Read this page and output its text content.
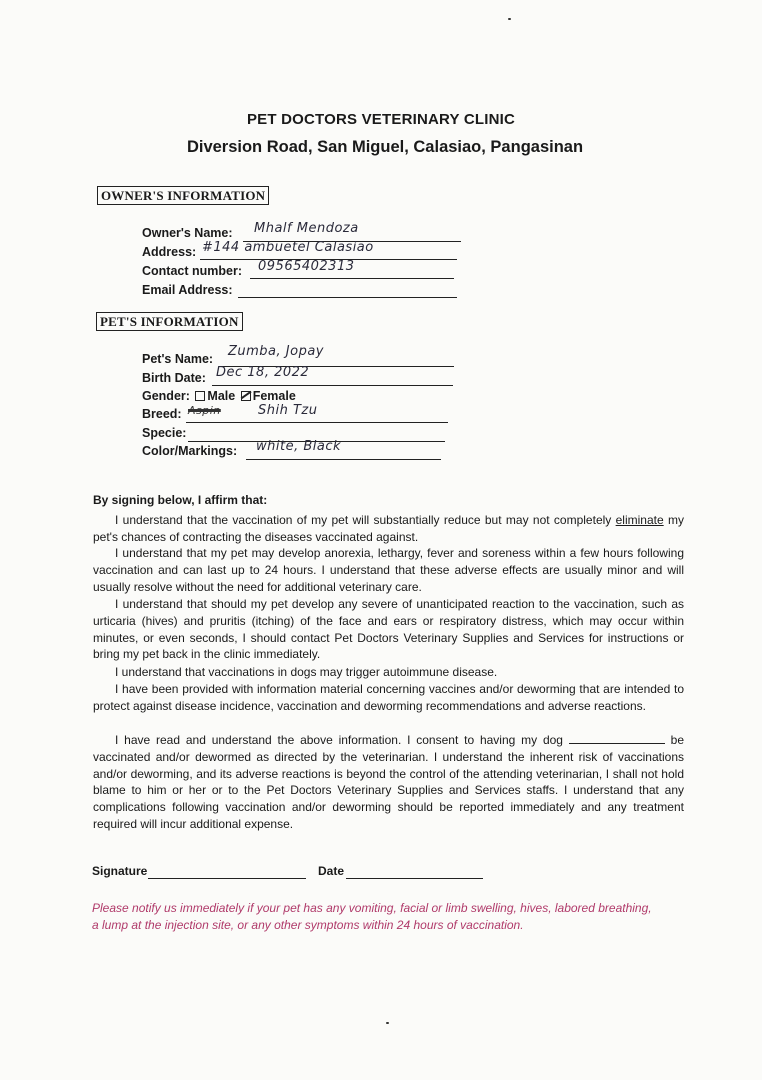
PET DOCTORS VETERINARY CLINIC
Diversion Road, San Miguel, Calasiao, Pangasinan
OWNER'S INFORMATION
Owner's Name: Mhalf Mendoza
Address: #144 ambuetel Calasiao
Contact number: 09565402313
Email Address:
PET'S INFORMATION
Pet's Name: Zumba, Jopay
Birth Date: Dec 18, 2022
Gender: Male Female
Breed: Aspin	Shih Tzu
Specie:
Color/Markings: white, Black
By signing below, I affirm that:

I understand that the vaccination of my pet will substantially reduce but may not completely eliminate my pet's chances of contracting the diseases vaccinated against.

I understand that my pet may develop anorexia, lethargy, fever and soreness within a few hours following vaccination and can last up to 24 hours. I understand that these adverse effects are usually minor and will usually resolve without the need for additional veterinary care.

I understand that should my pet develop any severe of unanticipated reaction to the vaccination, such as urticaria (hives) and pruritis (itching) of the face and ears or respiratory distress, which may occur within minutes, or even seconds, I should contact Pet Doctors Veterinary Supplies and Services for instructions or bring my pet back in the clinic immediately.

I understand that vaccinations in dogs may trigger autoimmune disease.

I have been provided with information material concerning vaccines and/or deworming that are intended to protect against disease incidence, vaccination and deworming recommendations and adverse reactions.

I have read and understand the above information. I consent to having my dog	be vaccinated and/or dewormed as directed by the veterinarian. I understand the inherent risk of vaccinations and/or deworming, and its adverse reactions is beyond the control of the attending veterinarian, I shall not hold blame to him or her or to the Pet Doctors Veterinary Supplies and Services staffs. I understand that any complications following vaccination and/or deworming should be reported immediately and any treatment required will incur additional expense.

Signature	Date
Please notify us immediately if your pet has any vomiting, facial or limb swelling, hives, labored breathing, a lump at the injection site, or any other symptoms within 24 hours of vaccination.
